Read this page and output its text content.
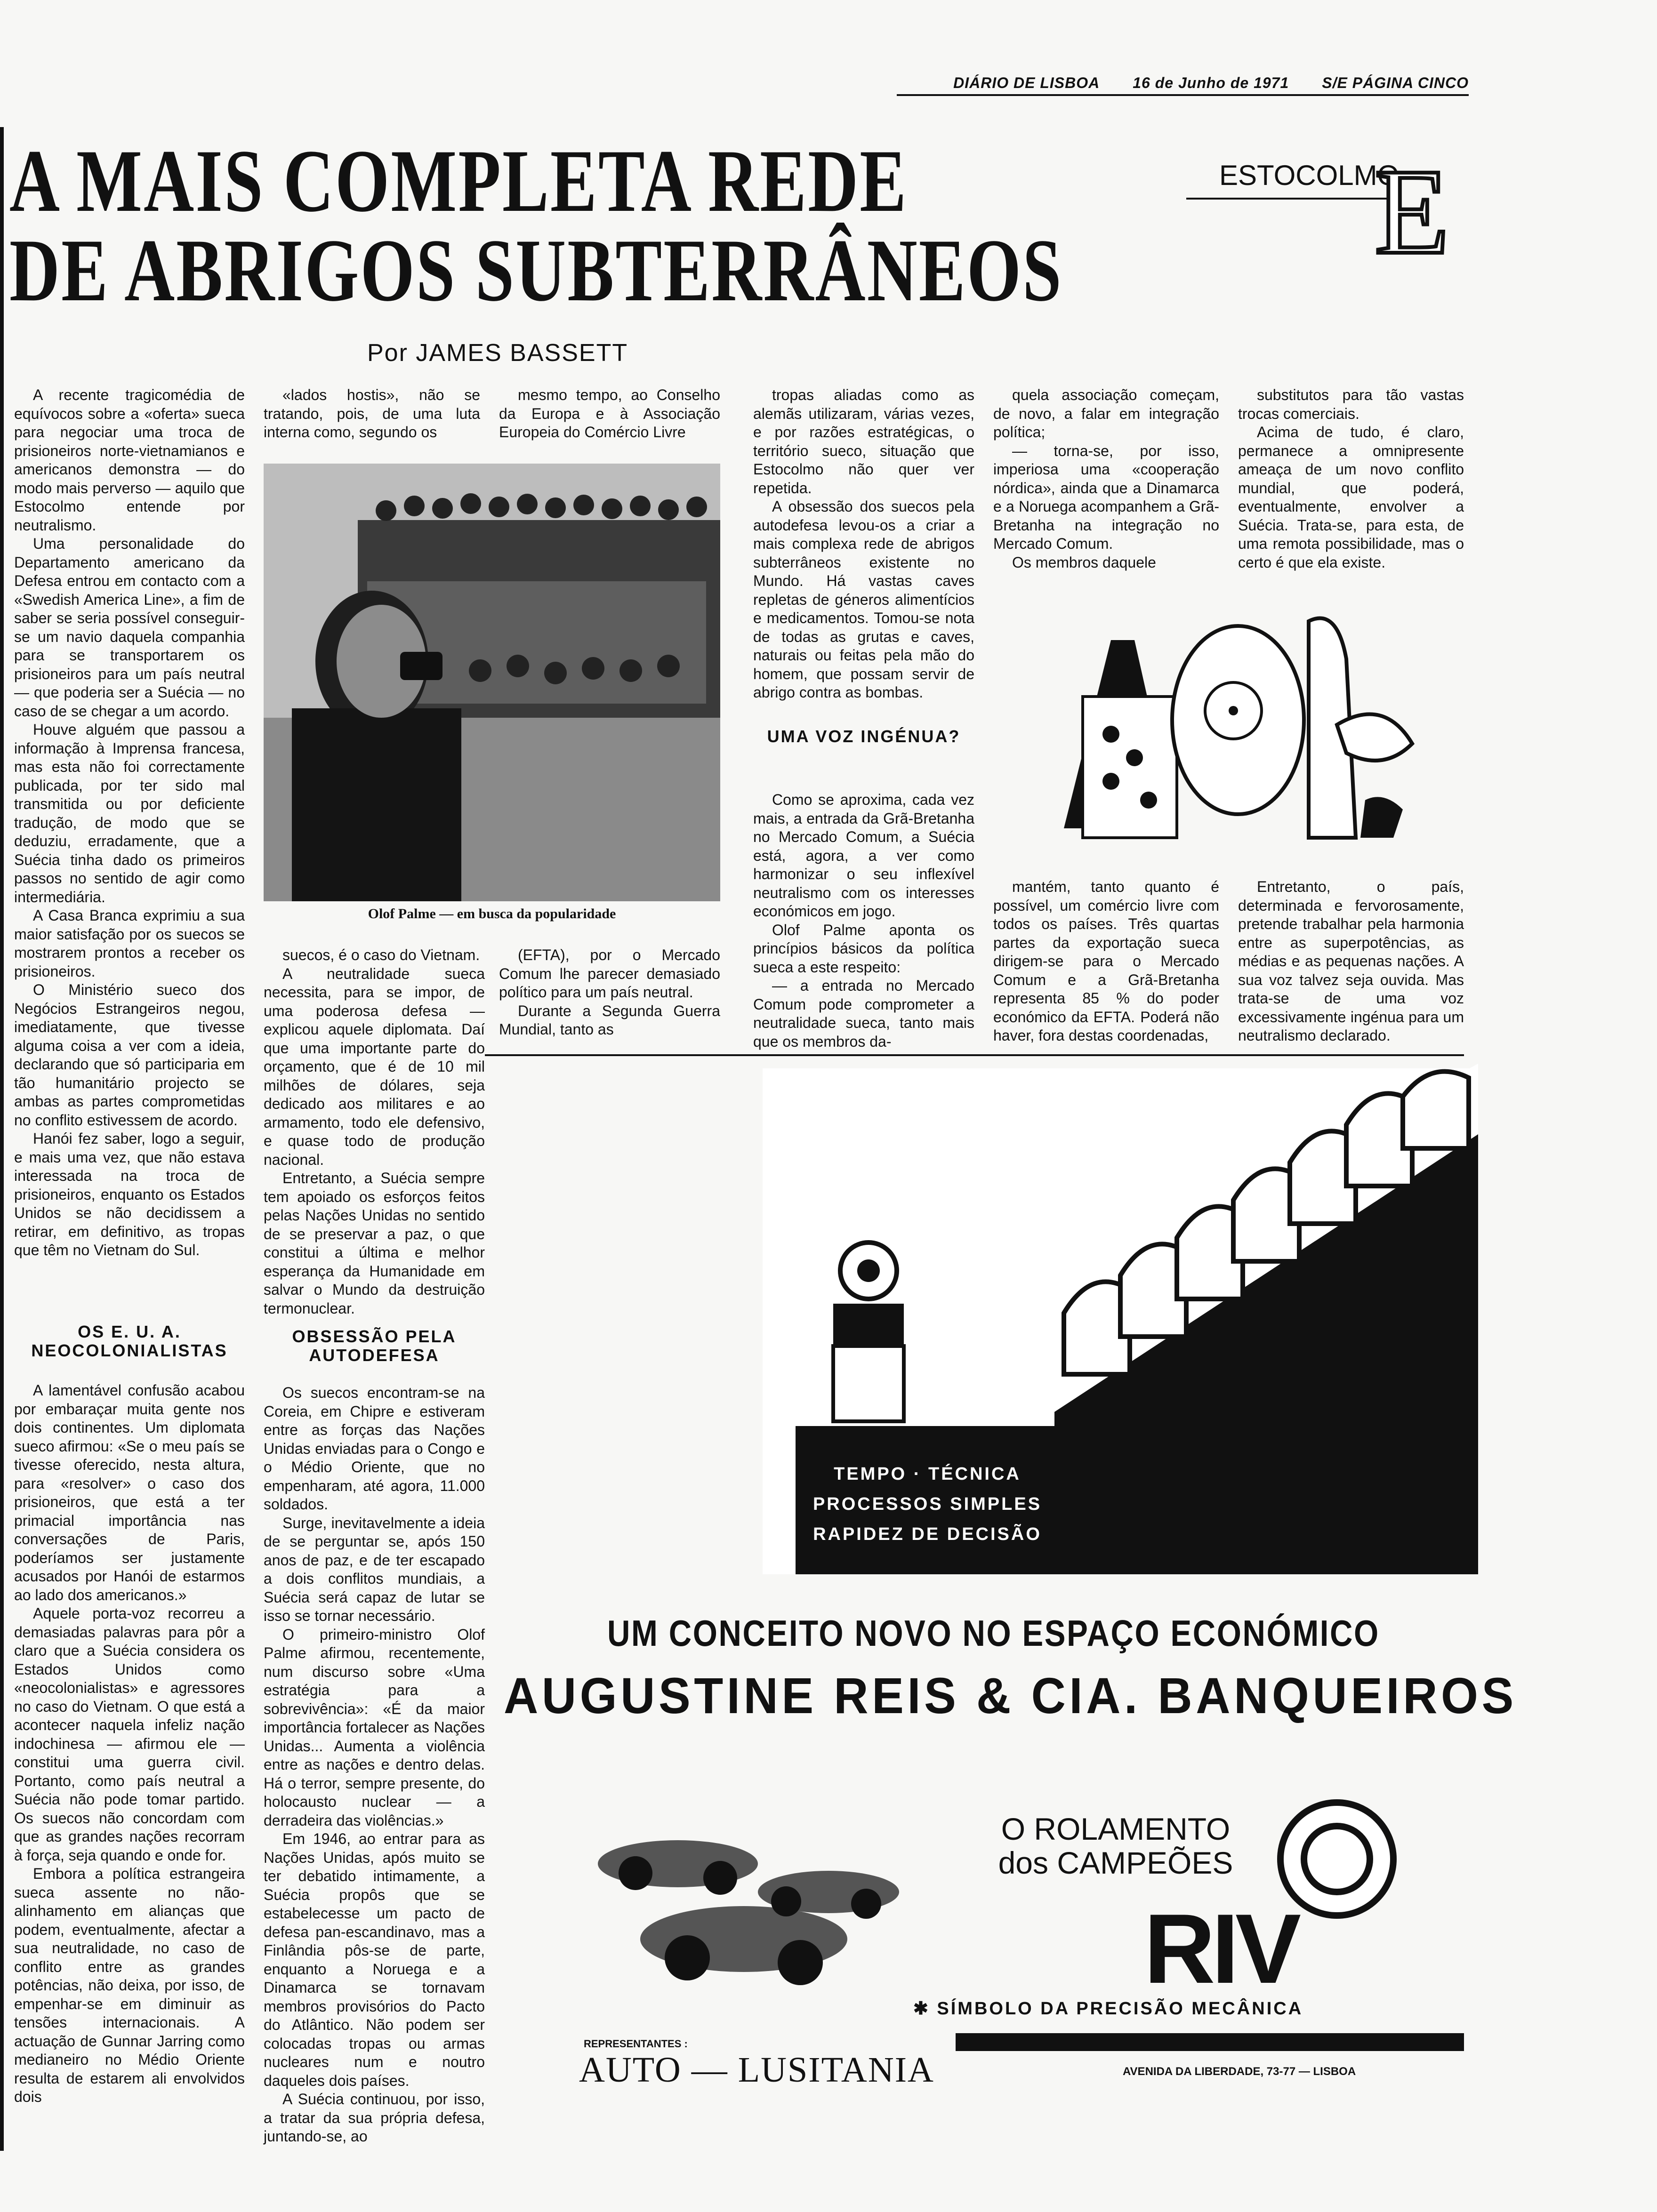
DIÁRIO DE LISBOA 16 de Junho de 1971 S/E PÁGINA CINCO
A MAIS COMPLETA REDE
DE ABRIGOS SUBTERRÂNEOS
ESTOCOLMO
E
Por JAMES BASSETT

A recente tragicomédia de equívocos sobre a «oferta» sueca para negociar uma troca de prisioneiros norte-vietnamianos e americanos demonstra — do modo mais perverso — aquilo que Estocolmo entende por neutralismo.

Uma personalidade do Departamento americano da Defesa entrou em contacto com a «Swedish America Line», a fim de saber se seria possível conseguir-se um navio daquela companhia para se transportarem os prisioneiros para um país neutral — que poderia ser a Suécia — no caso de se chegar a um acordo.

Houve alguém que passou a informação à Imprensa francesa, mas esta não foi correctamente publicada, por ter sido mal transmitida ou por deficiente tradução, de modo que se deduziu, erradamente, que a Suécia tinha dado os primeiros passos no sentido de agir como intermediária.

A Casa Branca exprimiu a sua maior satisfação por os suecos se mostrarem prontos a receber os prisioneiros.

O Ministério sueco dos Negócios Estrangeiros negou, imediatamente, que tivesse alguma coisa a ver com a ideia, declarando que só participaria em tão humanitário projecto se ambas as partes comprometidas no conflito estivessem de acordo.

Hanói fez saber, logo a seguir, e mais uma vez, que não estava interessada na troca de prisioneiros, enquanto os Estados Unidos se não decidissem a retirar, em definitivo, as tropas que têm no Vietnam do Sul.

OS E. U. A. NEOCOLONIALISTAS

A lamentável confusão acabou por embaraçar muita gente nos dois continentes. Um diplomata sueco afirmou: «Se o meu país se tivesse oferecido, nesta altura, para «resolver» o caso dos prisioneiros, que está a ter primacial importância nas conversações de Paris, poderíamos ser justamente acusados por Hanói de estarmos ao lado dos americanos.»

Aquele porta-voz recorreu a demasiadas palavras para pôr a claro que a Suécia considera os Estados Unidos como «neocolonialistas» e agressores no caso do Vietnam. O que está a acontecer naquela infeliz nação indochinesa — afirmou ele — constitui uma guerra civil. Portanto, como país neutral a Suécia não pode tomar partido. Os suecos não concordam com que as grandes nações recorram à força, seja quando e onde for.

Embora a política estrangeira sueca assente no não-alinhamento em alianças que podem, eventualmente, afectar a sua neutralidade, no caso de conflito entre as grandes potências, não deixa, por isso, de empenhar-se em diminuir as tensões internacionais. A actuação de Gunnar Jarring como medianeiro no Médio Oriente resulta de estarem ali envolvidos dois

«lados hostis», não se tratando, pois, de uma luta interna como, segundo os

mesmo tempo, ao Conselho da Europa e à Associação Europeia do Comércio Livre

Olof Palme — em busca da popularidade

suecos, é o caso do Vietnam.

A neutralidade sueca necessita, para se impor, de uma poderosa defesa — explicou aquele diplomata. Daí que uma importante parte do orçamento, que é de 10 mil milhões de dólares, seja dedicado aos militares e ao armamento, todo ele defensivo, e quase todo de produção nacional.

Entretanto, a Suécia sempre tem apoiado os esforços feitos pelas Nações Unidas no sentido de se preservar a paz, o que constitui a última e melhor esperança da Humanidade em salvar o Mundo da destruição termonuclear.

OBSESSÃO PELA AUTODEFESA

Os suecos encontram-se na Coreia, em Chipre e estiveram entre as forças das Nações Unidas enviadas para o Congo e o Médio Oriente, que no empenharam, até agora, 11.000 soldados.

Surge, inevitavelmente a ideia de se perguntar se, após 150 anos de paz, e de ter escapado a dois conflitos mundiais, a Suécia será capaz de lutar se isso se tornar necessário.

O primeiro-ministro Olof Palme afirmou, recentemente, num discurso sobre «Uma estratégia para a sobrevivência»: «É da maior importância fortalecer as Nações Unidas... Aumenta a violência entre as nações e dentro delas. Há o terror, sempre presente, do holocausto nuclear — a derradeira das violências.»

Em 1946, ao entrar para as Nações Unidas, após muito se ter debatido intimamente, a Suécia propôs que se estabelecesse um pacto de defesa pan-escandinavo, mas a Finlândia pôs-se de parte, enquanto a Noruega e a Dinamarca se tornavam membros provisórios do Pacto do Atlântico. Não podem ser colocadas tropas ou armas nucleares num e noutro daqueles dois países.

A Suécia continuou, por isso, a tratar da sua própria defesa, juntando-se, ao

(EFTA), por o Mercado Comum lhe parecer demasiado político para um país neutral.

Durante a Segunda Guerra Mundial, tanto as

tropas aliadas como as alemãs utilizaram, várias vezes, e por razões estratégicas, o território sueco, situação que Estocolmo não quer ver repetida.

A obsessão dos suecos pela autodefesa levou-os a criar a mais complexa rede de abrigos subterrâneos existente no Mundo. Há vastas caves repletas de géneros alimentícios e medicamentos. Tomou-se nota de todas as grutas e caves, naturais ou feitas pela mão do homem, que possam servir de abrigo contra as bombas.

UMA VOZ INGÉNUA?

Como se aproxima, cada vez mais, a entrada da Grã-Bretanha no Mercado Comum, a Suécia está, agora, a ver como harmonizar o seu inflexível neutralismo com os interesses económicos em jogo.

Olof Palme aponta os princípios básicos da política sueca a este respeito:

— a entrada no Mercado Comum pode comprometer a neutralidade sueca, tanto mais que os membros da-

quela associação começam, de novo, a falar em integração política;

— torna-se, por isso, imperiosa uma «cooperação nórdica», ainda que a Dinamarca e a Noruega acompanhem a Grã-Bretanha na integração no Mercado Comum.

Os membros daquele

mantém, tanto quanto é possível, um comércio livre com todos os países. Três quartas partes da exportação sueca dirigem-se para o Mercado Comum e a Grã-Bretanha representa 85 % do poder económico da EFTA. Poderá não haver, fora destas coordenadas,

substitutos para tão vastas trocas comerciais.

Acima de tudo, é claro, permanece a omnipresente ameaça de um novo conflito mundial, que poderá, eventualmente, envolver a Suécia. Trata-se, para esta, de uma remota possibilidade, mas o certo é que ela existe.

Entretanto, o país, determinada e fervorosamente, pretende trabalhar pela harmonia entre as superpotências, as médias e as pequenas nações. A sua voz talvez seja ouvida. Mas trata-se de uma voz excessivamente ingénua para um neutralismo declarado.

TEMPO · TÉCNICA
PROCESSOS SIMPLES
RAPIDEZ DE DECISÃO
UM CONCEITO NOVO NO ESPAÇO ECONÓMICO
AUGUSTINE REIS & CIA. BANQUEIROS
O ROLAMENTO
dos CAMPEÕES
RIV
✱ SÍMBOLO DA PRECISÃO MECÂNICA
REPRESENTANTES :
AUTO — LUSITANIA	AVENIDA DA LIBERDADE, 73-77 — LISBOA
